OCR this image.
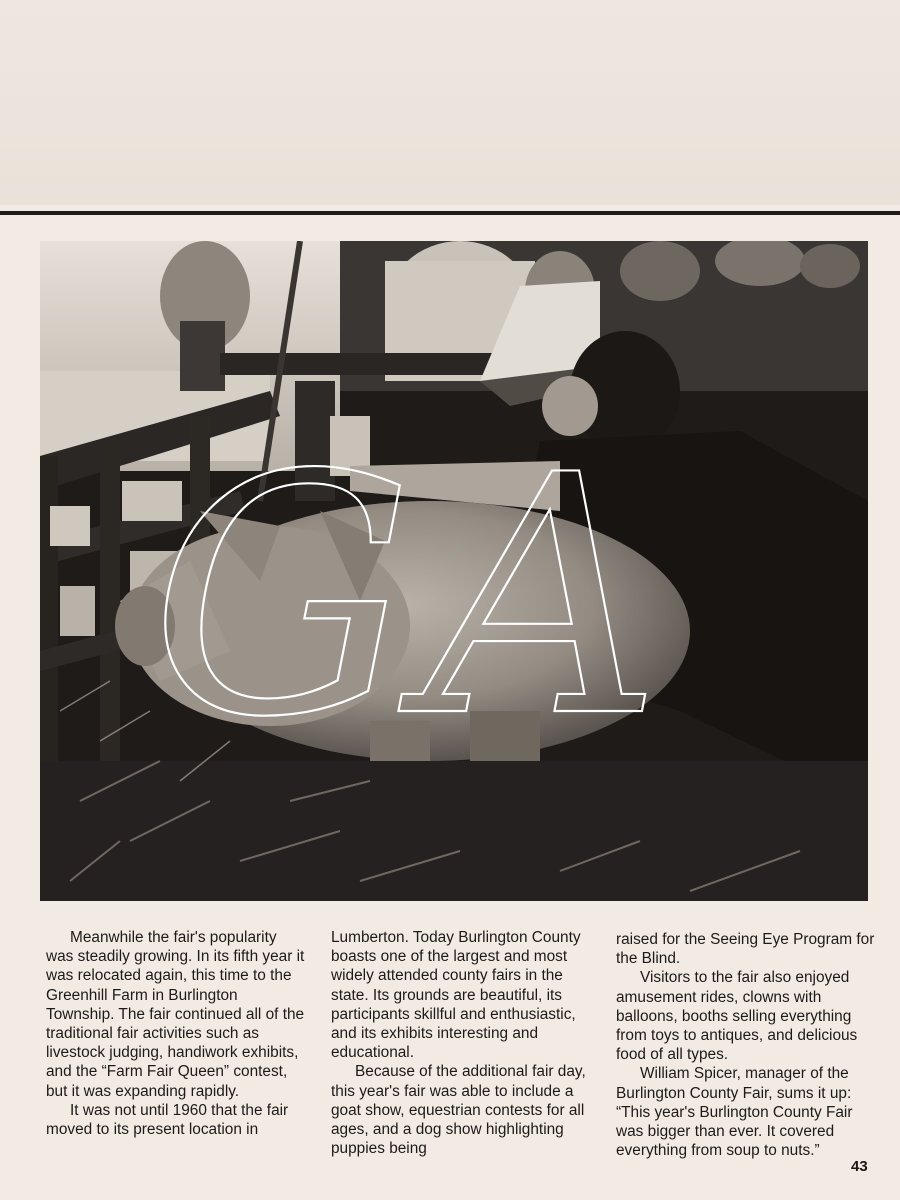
GA

Meanwhile the fair's popularity was steadily growing. In its fifth year it was relocated again, this time to the Greenhill Farm in Burlington Township. The fair continued all of the traditional fair activities such as livestock judging, handiwork exhibits, and the “Farm Fair Queen” contest, but it was expanding rapidly.

It was not until 1960 that the fair moved to its present location in

Lumberton. Today Burlington County boasts one of the largest and most widely attended county fairs in the state. Its grounds are beautiful, its participants skillful and enthusiastic, and its exhibits interesting and educational.

Because of the additional fair day, this year's fair was able to include a goat show, equestrian contests for all ages, and a dog show highlighting puppies being

raised for the Seeing Eye Program for the Blind.

Visitors to the fair also enjoyed amusement rides, clowns with balloons, booths selling everything from toys to antiques, and delicious food of all types.

William Spicer, manager of the Burlington County Fair, sums it up: “This year's Burlington County Fair was bigger than ever. It covered everything from soup to nuts.”

43
